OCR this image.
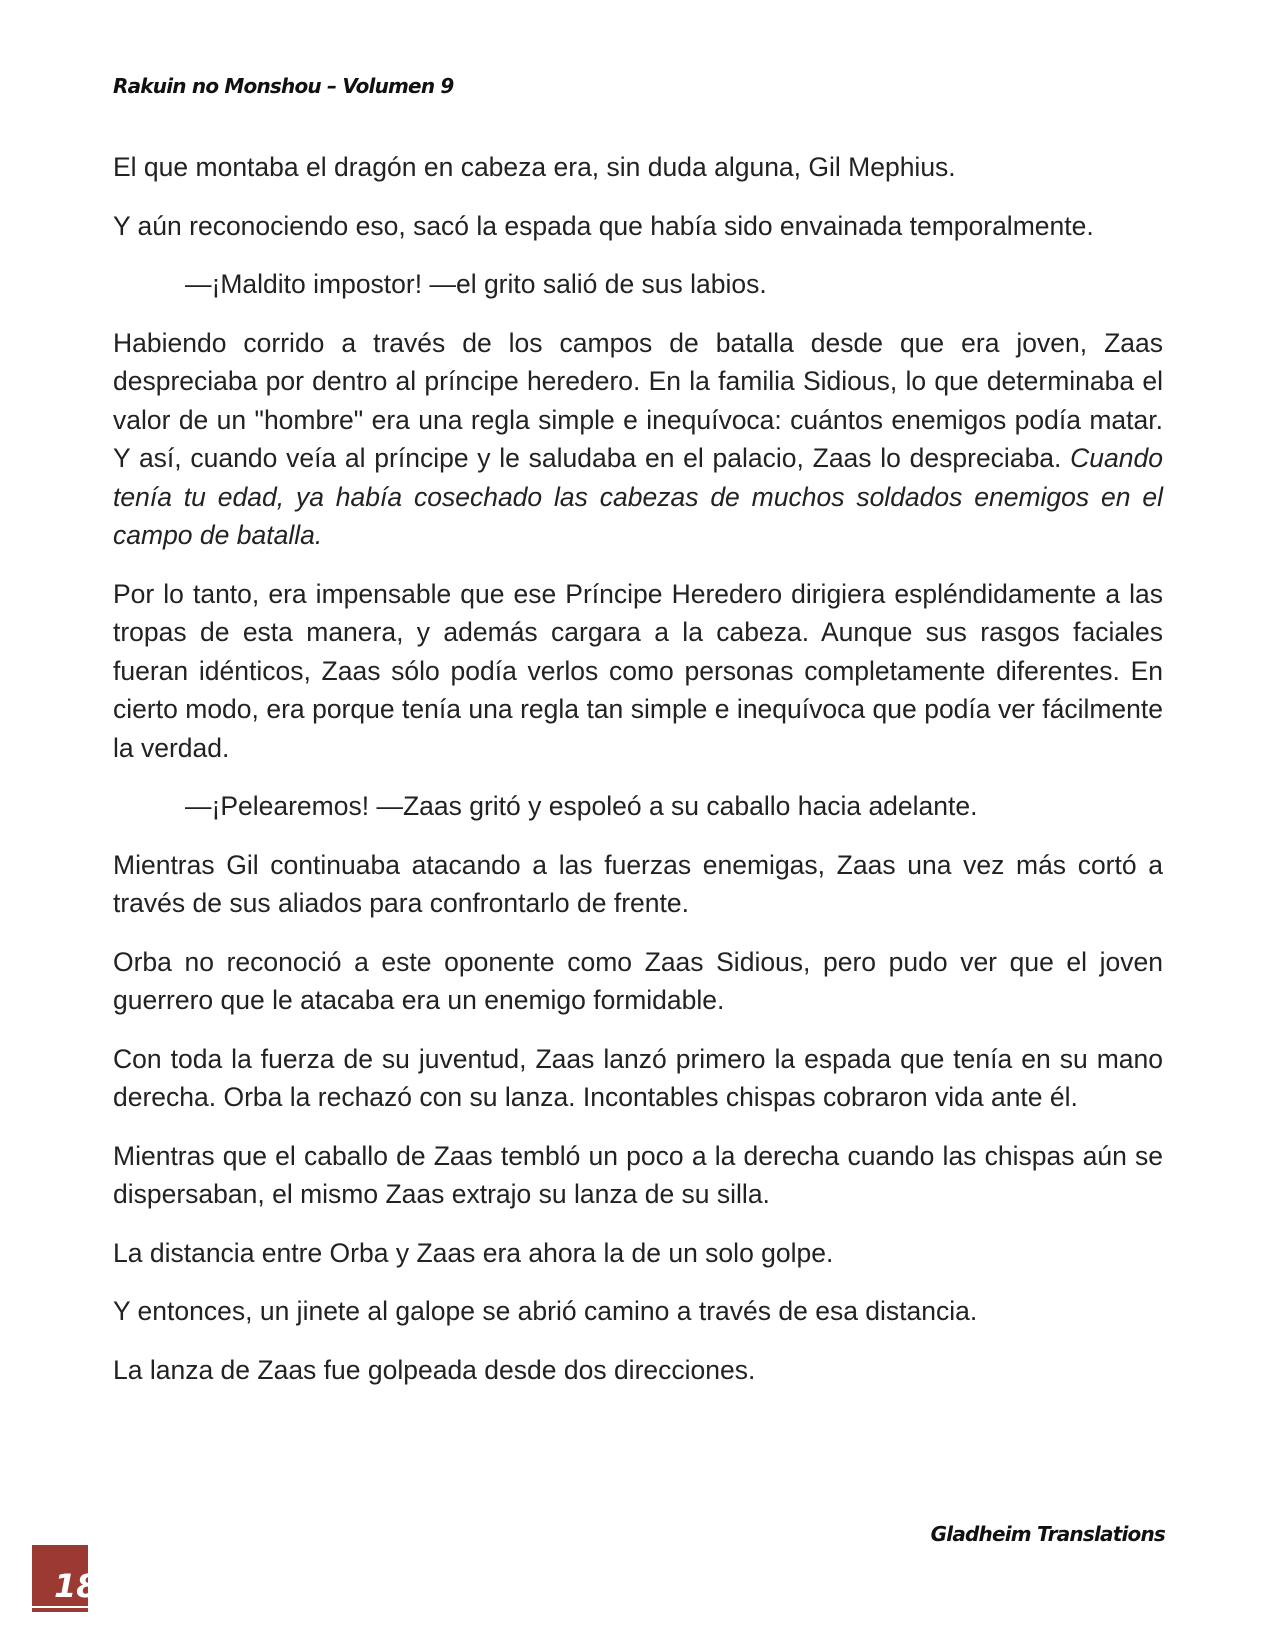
Rakuin no Monshou – Volumen 9

El que montaba el dragón en cabeza era, sin duda alguna, Gil Mephius.

Y aún reconociendo eso, sacó la espada que había sido envainada temporalmente.

—¡Maldito impostor! —el grito salió de sus labios.

Habiendo corrido a través de los campos de batalla desde que era joven, Zaas despreciaba por dentro al príncipe heredero. En la familia Sidious, lo que determinaba el valor de un "hombre" era una regla simple e inequívoca: cuántos enemigos podía matar. Y así, cuando veía al príncipe y le saludaba en el palacio, Zaas lo despreciaba. Cuando tenía tu edad, ya había cosechado las cabezas de muchos soldados enemigos en el campo de batalla.

Por lo tanto, era impensable que ese Príncipe Heredero dirigiera espléndidamente a las tropas de esta manera, y además cargara a la cabeza. Aunque sus rasgos faciales fueran idénticos, Zaas sólo podía verlos como personas completamente diferentes. En cierto modo, era porque tenía una regla tan simple e inequívoca que podía ver fácilmente la verdad.

—¡Pelearemos! —Zaas gritó y espoleó a su caballo hacia adelante.

Mientras Gil continuaba atacando a las fuerzas enemigas, Zaas una vez más cortó a través de sus aliados para confrontarlo de frente.

Orba no reconoció a este oponente como Zaas Sidious, pero pudo ver que el joven guerrero que le atacaba era un enemigo formidable.

Con toda la fuerza de su juventud, Zaas lanzó primero la espada que tenía en su mano derecha. Orba la rechazó con su lanza. Incontables chispas cobraron vida ante él.

Mientras que el caballo de Zaas tembló un poco a la derecha cuando las chispas aún se dispersaban, el mismo Zaas extrajo su lanza de su silla.

La distancia entre Orba y Zaas era ahora la de un solo golpe.

Y entonces, un jinete al galope se abrió camino a través de esa distancia.

La lanza de Zaas fue golpeada desde dos direcciones.

Gladheim Translations
18
